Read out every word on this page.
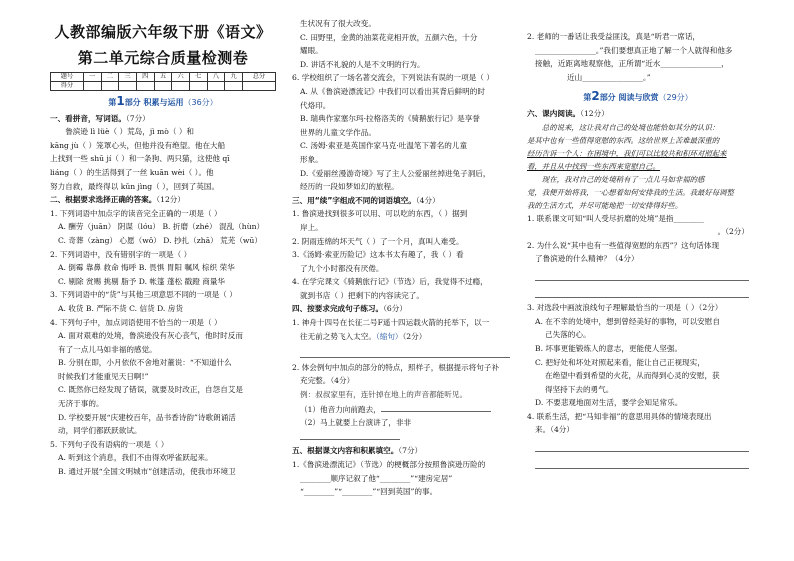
人教部编版六年级下册《语文》
第二单元综合质量检测卷
题号	一	二	三	四	五	六	七	八	九	总分
得分										
第1部分 积累与运用（36分）

一、看拼音，写词语。（7分）

鲁滨逊 lì lüè（ ）荒岛，jì mò（ ）和

kāng jù（ ）笼罩心头，但他并没有绝望。他在大船

上找到一些 shū jí（ ）和一条狗、两只猫，这使他 qī

liáng（ ）的生活得到了一丝 kuān wèi（ ）。他

努力自救，最终得以 kǔn jìng（ ），回到了英国。

二、根据要求选择正确的答案。（12分）

1. 下列词语中加点字的读音完全正确的一项是（ ）

A. 酬劳（juān） 阴谋（lóu） B. 折磨（zhé） 混乱（hùn）

C. 奇葬（zàng） 心愿（wǒ） D. 抄扎（zhā） 荒芜（wū）

2. 下列词语中，没有错别字的一项是（ ）

A. 倒霉 靠鼻 救命 悔呼 B. 畏惧 胃阳 嘱风 棕织 荣华

C. 剔除 赏赐 挑剔 脂予 D. 帐篷 蓬松 戳蹬 商量华

3. 下列词语中的“货”与其他三项意思不同的一项是（ ）

A. 收货 B. 严际不货 C. 信货 D. 房货

4. 下列句子中，加点词语使用不恰当的一项是（ ）

A. 面对艰难的处境，鲁滨逊没有灰心丧气，他时时反而

有了一点儿马如非福的感觉。

B. 分别在即，小月依依不舍地对董说：“不知道什么

时候我们才能重见天日啊!”

C. 既然你已经发现了错误，就要及时改正，自怨自艾是

无济于事的。

D. 学校要开展“庆建校百年，品书香诗韵”诗歌朗诵活

动，同学们都跃跃欲试。

5. 下列句子没有语病的一项是（ ）

A. 听到这个消息，我们不由得欢呼雀跃起来。

B. 通过开展“全国文明城市”创建活动，使我市环境卫

生状况有了很大改变。

C. 田野里，金黄的油菜花竞相开放，五颜六色，十分

耀眼。

D. 讲话不礼貌的人是不文明的行为。

6. 学校组织了一场名著交流会，下列说法有误的一项是（ ）

A. 从《鲁滨逊漂流记》中我们可以看出其背后鲜明的时

代烙印。

B. 瑞典作家塞尔玛·拉格洛芙的《骑鹅旅行记》是享誉

世界的儿童文学作品。

C. 汤姆·索亚是英国作家马克·吐温笔下著名的儿童

形象。

D.《爱丽丝漫游奇境》写了主人公爱丽丝掉进兔子洞后，

经历的一段如梦如幻的旅程。

三、用“续”字组成不同的词语填空。（4分）

1. 鲁滨逊找到很多可以用、可以吃的东西，（ ）据到

岸上。

2. 阴雨连绵的坏天气（ ）了一个月，真叫人难受。

3.《汤姆·索亚历险记》这本书太有趣了，我（ ）看

了九个小时都没有厌倦。

4. 在学完课文《骑鹅旅行记》（节选）后，我觉得不过瘾，

就到书店（ ）把剩下的内容读完了。

四、按要求完成句子练习。（6分）

1. 神舟十四号在长征二号F遥十四运载火箭的托举下，以一

往无前之势飞入太空。（缩句）（2分）

2. 体会例句中加点的部分的特点，照样子，根据提示将句子补

充完整。（4分）

例：叔叔家里有，连针掉在地上的声音都能听见。

（1）他音力向前跑去，

（2）马上就要上台演讲了，非非

五、根据课文内容和积累填空。（7分）

1.《鲁滨逊漂流记》（节选）的梗概部分按照鲁滨逊历险的

________顺序记叙了他“________”“建房定居”

“________”“________”“回到英国”的事。

2. 老师的一番话让我受益匪浅，真是“听君一席话，

________________。”我们要想真正地了解一个人就得和他多

接触，近距离地观察他，正所谓“近水________________，

近山________________。”

第2部分 阅读与欣赏（29分）

六、课内阅读。（12分）

总的说来，这让我对自己的处境也能恰如其分的认识：

是其中也有一些值得宽慰的东西。这给世界上苦难最深重的

经历告诉一个人：在困境中，我们可以比较共和积环对照起来

看，并且从中找到一些东西来宽慰自己。

现在，我对自己的处境稍有了一点儿马如非福的感

觉，我便开始将我，一心想着如何安排我的生活。我最好每调整

我的生活方式，并尽可能地把一切安排得好些。

1. 联系课文可知“叫人受尽折磨的处境”是指________

。（2分）

2. 为什么说“其中也有一些值得宽慰的东西”？这句话体现

了鲁滨逊的什么精神？（4分）

3. 对选段中画波浪线句子理解最恰当的一项是（ ）（2分）

A. 在不幸的处境中，想到曾经美好的事物，可以安慰自

己失落的心。

B. 坏事更能锻炼人的意志，更能使人坚强。

C. 把好处和坏处对照起来看，能让自己正视现实，

在绝望中看到希望的火花，从而得到心灵的安慰，获

得坚持下去的勇气。

D. 不要悲观地面对生活，要学会知足常乐。

4. 联系生活，把“马知非福”的意思用具体的情境表现出

来。（4分）
